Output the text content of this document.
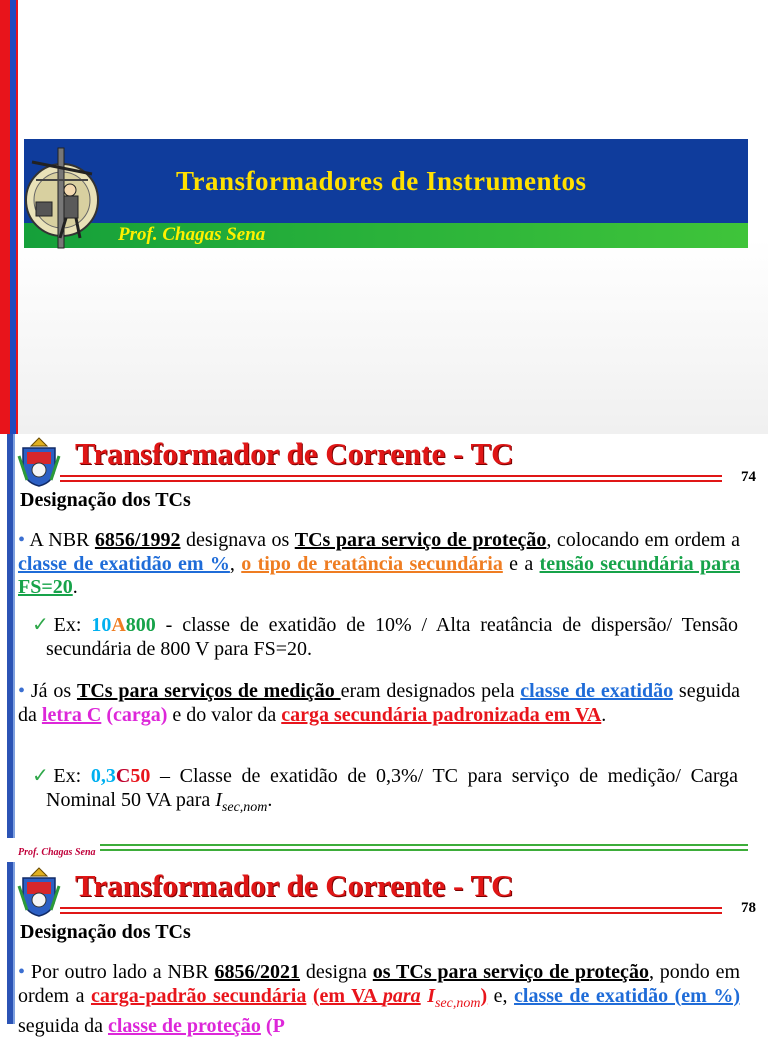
Transformadores de Instrumentos
Prof. Chagas Sena
Transformador de Corrente - TC
74
Designação dos TCs
• A NBR 6856/1992 designava os TCs para serviço de proteção, colocando em ordem a classe de exatidão em %, o tipo de reatância secundária e a tensão secundária para FS=20.
✓Ex: 10A800 - classe de exatidão de 10% / Alta reatância de dispersão/ Tensão secundária de 800 V para FS=20.
• Já os TCs para serviços de medição eram designados pela classe de exatidão seguida da letra C (carga) e do valor da carga secundária padronizada em VA.
✓Ex: 0,3C50 – Classe de exatidão de 0,3%/ TC para serviço de medição/ Carga Nominal 50 VA para $I_{sec,nom}$.
Prof. Chagas Sena
Transformador de Corrente - TC
78
Designação dos TCs
• Por outro lado a NBR 6856/2021 designa os TCs para serviço de proteção, pondo em ordem a carga-padrão secundária (em VA para $I_{sec,nom}$) e, classe de exatidão (em %) seguida da classe de proteção (P
